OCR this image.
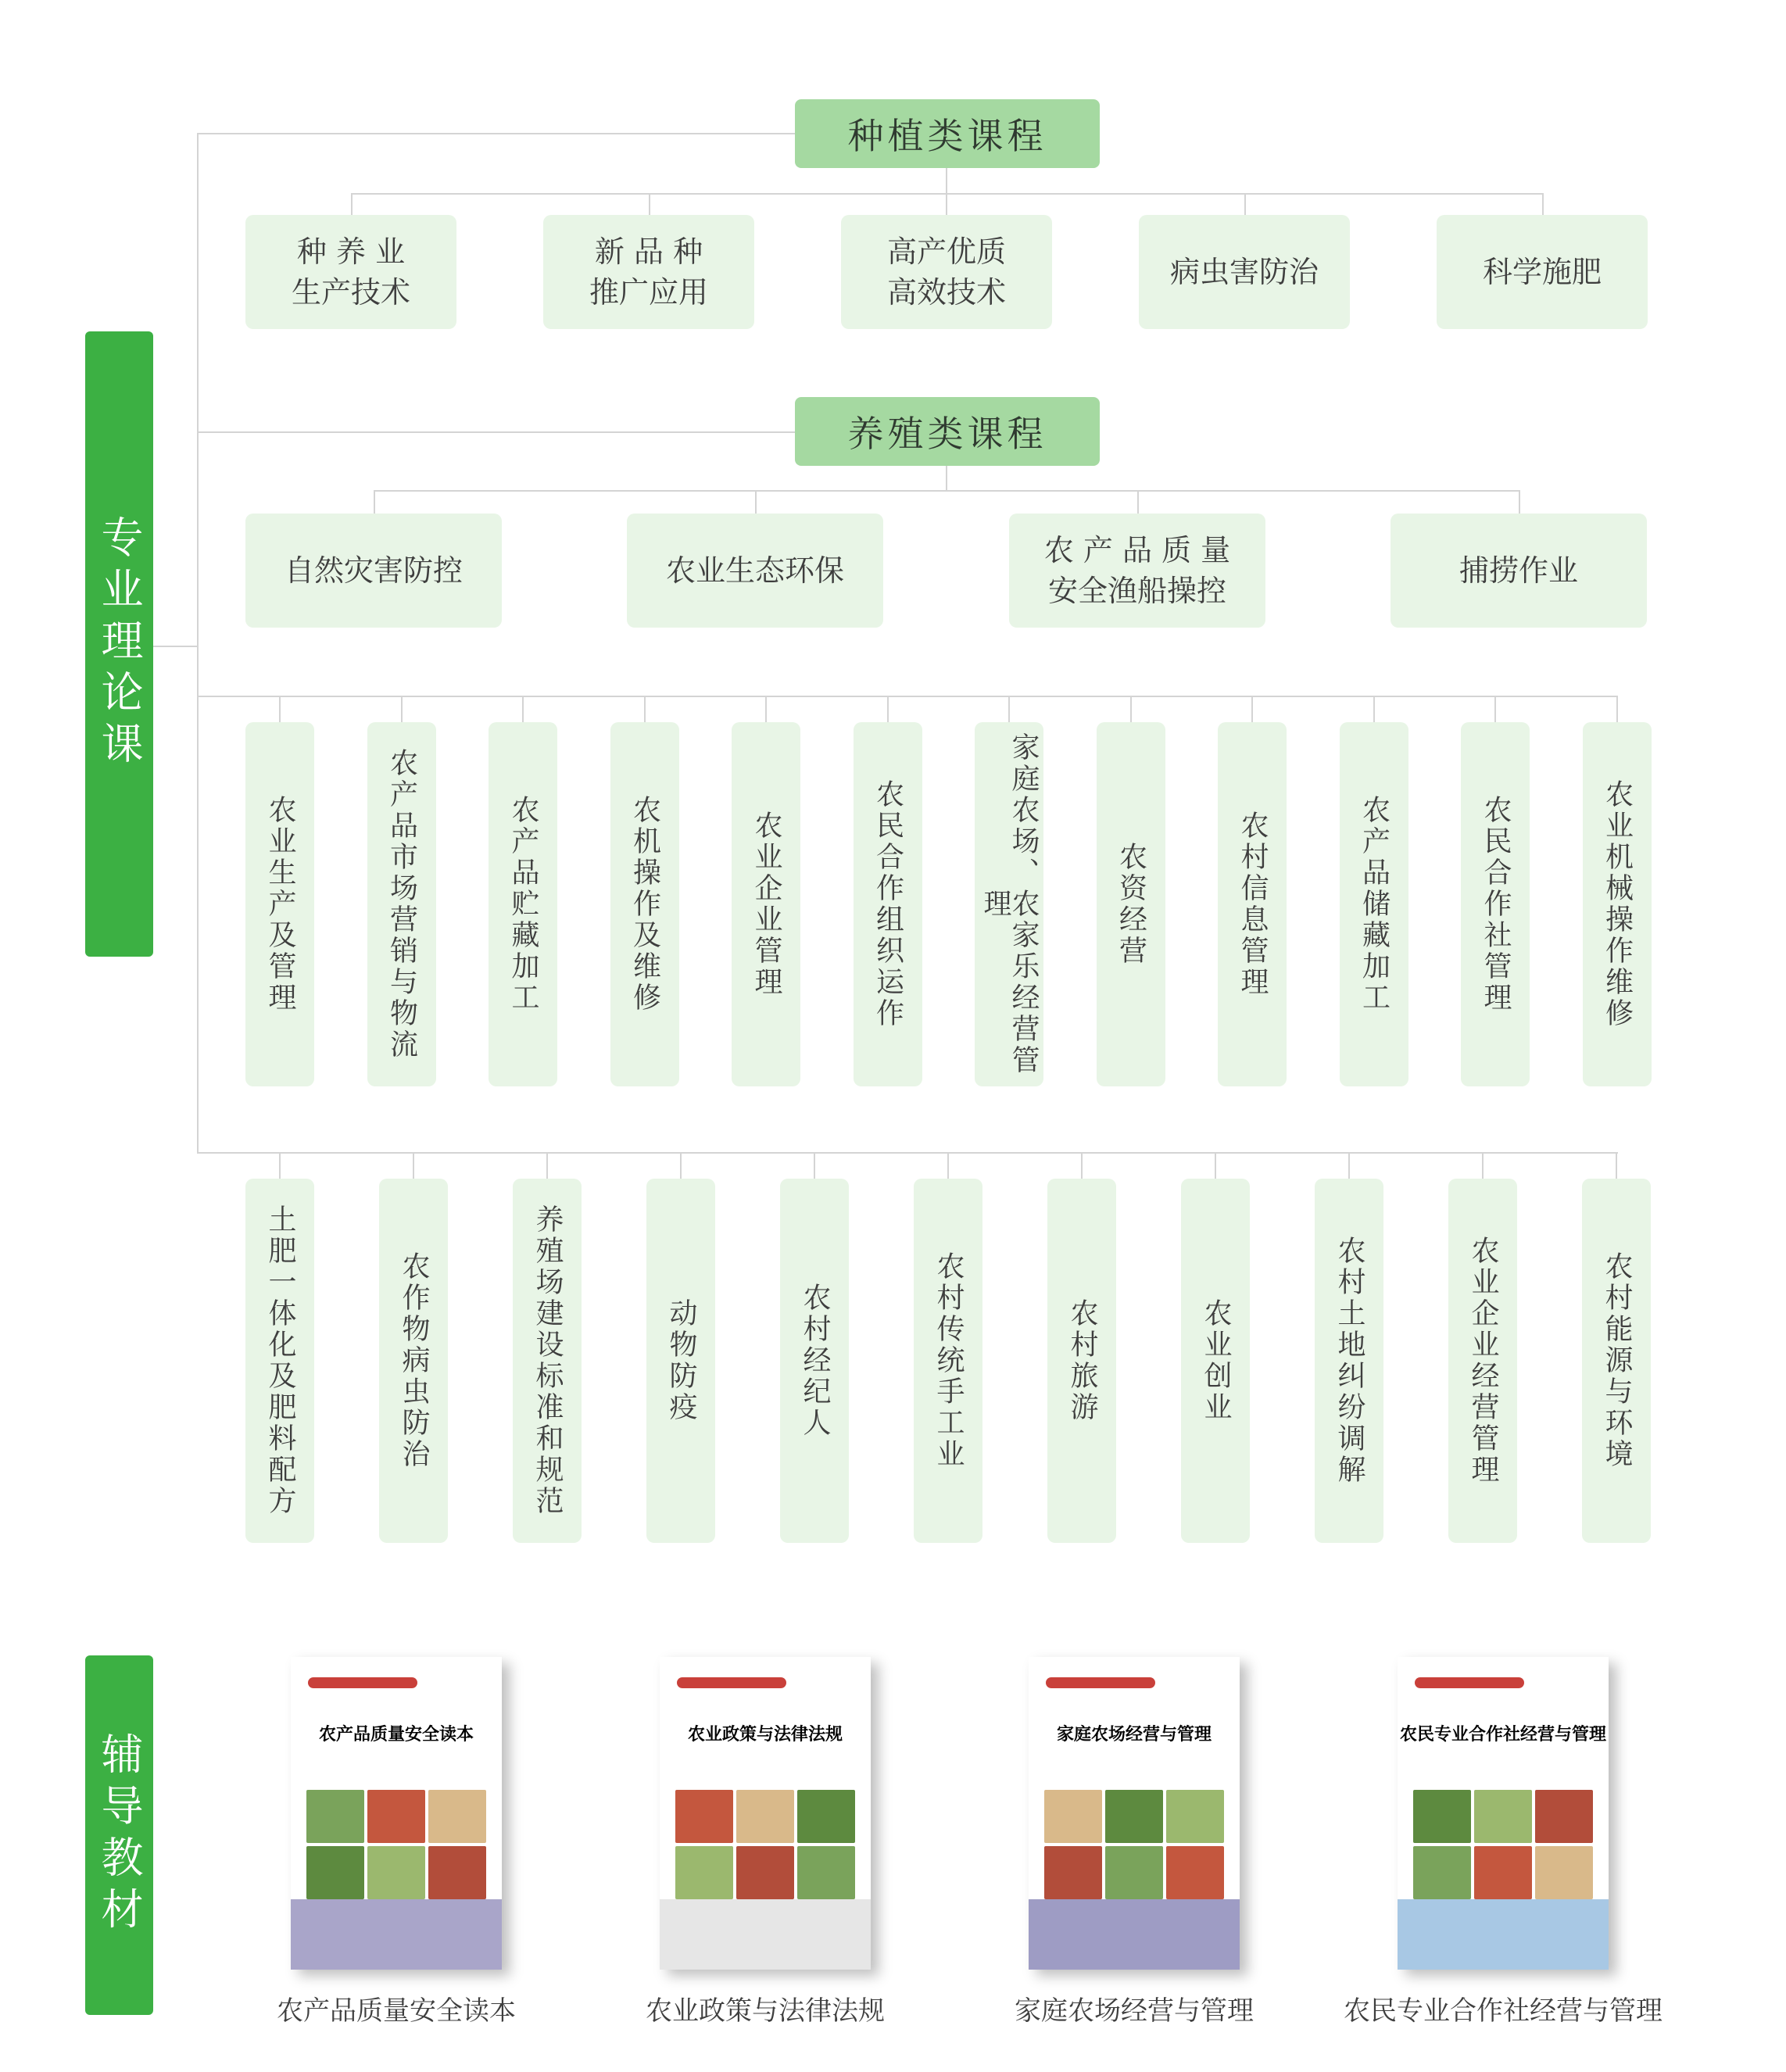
专业理论课
辅导教材
种植类课程
养殖类课程
种 养 业
生产技术
新 品 种
推广应用
高产优质
高效技术
病虫害防治	科学施肥
自然灾害防控	农业生态环保
农 产 品 质 量
安全渔船操控
捕捞作业
农业生产及管理	农产品市场营销与物流	农产品贮藏加工	农机操作及维修	农业企业管理	农民合作组织运作	家庭农场、农家乐经营管理	农资经营	农村信息管理	农产品储藏加工	农民合作社管理	农业机械操作维修
土肥一体化及肥料配方	农作物病虫防治	养殖场建设标准和规范	动物防疫	农村经纪人	农村传统手工业	农村旅游	农业创业	农村土地纠纷调解	农业企业经营管理	农村能源与环境
农产品质量安全读本
农产品质量安全读本
农业政策与法律法规
农业政策与法律法规
家庭农场经营与管理
家庭农场经营与管理
农民专业合作社经营与管理
农民专业合作社经营与管理
